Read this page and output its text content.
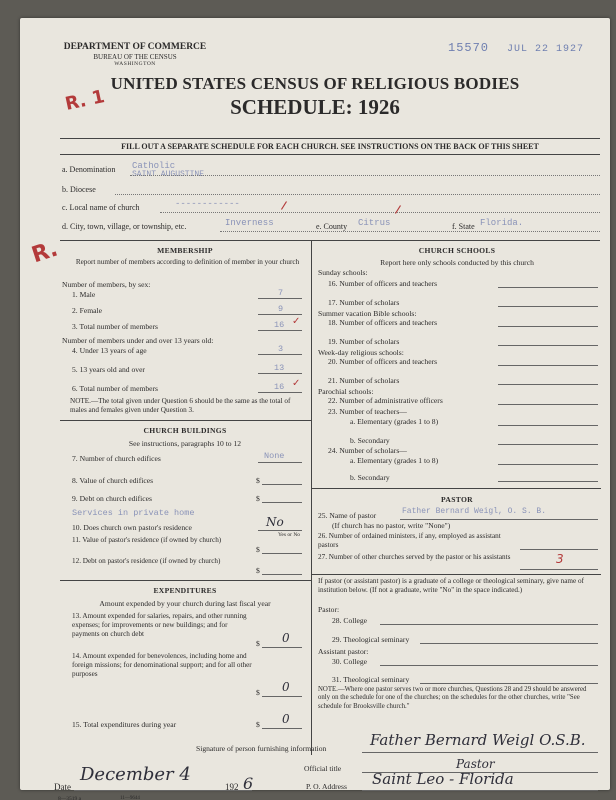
DEPARTMENT OF COMMERCE
BUREAU OF THE CENSUS
WASHINGTON
15570 JUL 22 1927
UNITED STATES CENSUS OF RELIGIOUS BODIES
SCHEDULE: 1926
R. 1
FILL OUT A SEPARATE SCHEDULE FOR EACH CHURCH. SEE INSTRUCTIONS ON THE BACK OF THIS SHEET
a. Denomination Catholic
SAINT AUGUSTINE
b. Diocese
c. Local name of church	------------	/	/
d. City, town, village, or township, etc.	Inverness	e. County Citrus	f. State Florida.
R.	MEMBERSHIP
Report number of members according to definition of member in your church
Number of members, by sex:
1. Male	7
2. Female	9
3. Total number of members	16 ✓
Number of members under and over 13 years old:
4. Under 13 years of age	3
5. 13 years old and over	13
6. Total number of members	16 ✓
NOTE.—The total given under Question 6 should be the same as the total of males and females given under Question 3.
CHURCH BUILDINGS
See instructions, paragraphs 10 to 12
7. Number of church edifices	None
8. Value of church edifices	$
9. Debt on church edifices	$
Services in private home
10. Does church own pastor's residence	No
Yes or No
11. Value of pastor's residence (if owned by church)
$
12. Debt on pastor's residence (if owned by church)
$
EXPENDITURES
Amount expended by your church during last fiscal year
13. Amount expended for salaries, repairs, and other running expenses; for improvements or new buildings; and for payments on church debt
$ 0
14. Amount expended for benevolences, including home and foreign missions; for denominational support; and for all other purposes
$ 0
15. Total expenditures during year	$ 0
CHURCH SCHOOLS
Report here only schools conducted by this church
Sunday schools:
16. Number of officers and teachers
17. Number of scholars
Summer vacation Bible schools:
18. Number of officers and teachers
19. Number of scholars
Week-day religious schools:
20. Number of officers and teachers
21. Number of scholars
Parochial schools:
22. Number of administrative officers
23. Number of teachers—
a. Elementary (grades 1 to 8)
b. Secondary
24. Number of scholars—
a. Elementary (grades 1 to 8)
b. Secondary
PASTOR
25. Name of pastor	Father Bernard Weigl, O. S. B.
(If church has no pastor, write "None")
26. Number of ordained ministers, if any, employed as assistant pastors
27. Number of other churches served by the pastor or his assistants	3
If pastor (or assistant pastor) is a graduate of a college or theological seminary, give name of institution below. (If not a graduate, write "No" in the space indicated.)
Pastor:
28. College
29. Theological seminary
Assistant pastor:
30. College
31. Theological seminary
NOTE.—Where one pastor serves two or more churches, Questions 28 and 29 should be answered only on the schedule for one of the churches; on the schedules for the other churches, write "See schedule for Brooksville church."
Signature of person furnishing information	Father Bernard Weigl O.S.B.
Official title	Pastor
Date
December 4
192 6	P. O. Address Saint Leo - Florida
8—3519 a	11—9644
